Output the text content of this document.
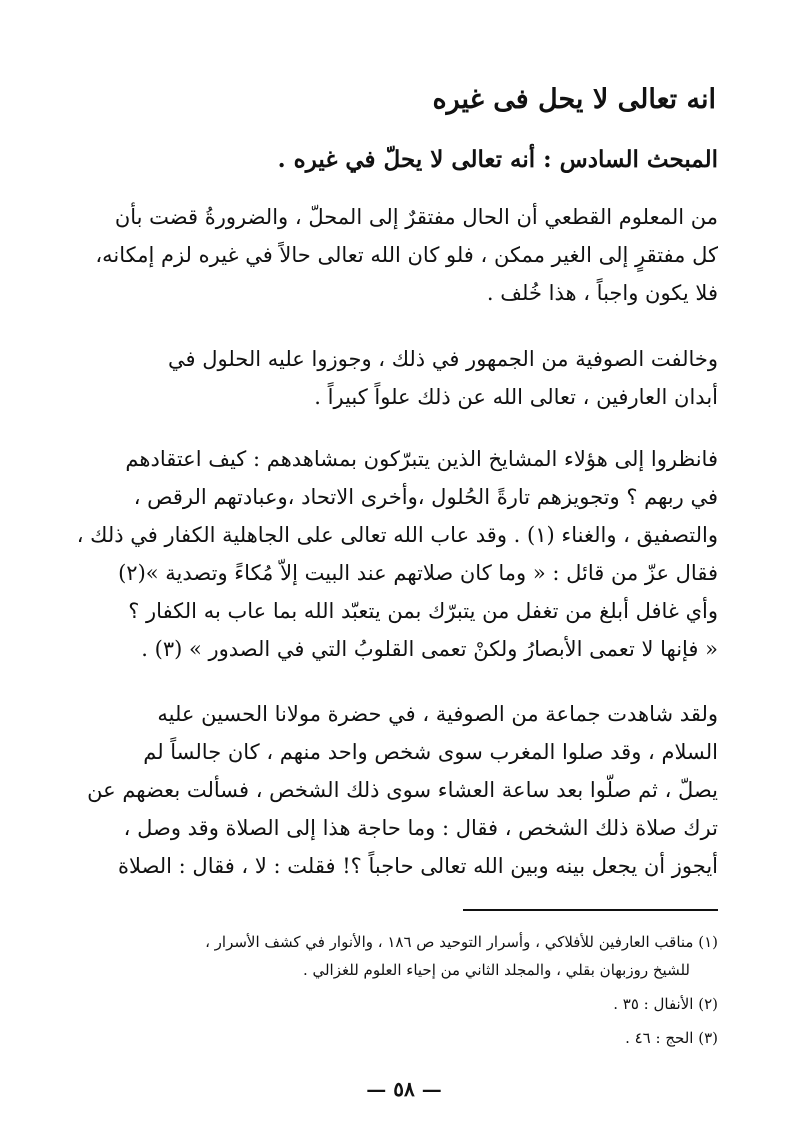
انه تعالى لا يحل فى غيره
المبحث السادس : أنه تعالى لا يحلّ في غيره .
من المعلوم القطعي أن الحال مفتقرٌ إلى المحلّ ، والضرورةُ قضت بأن
كل مفتقرٍ إلى الغير ممكن ، فلو كان الله تعالى حالاً في غيره لزم إمكانه،
فلا يكون واجباً ، هذا خُلف .
وخالفت الصوفية من الجمهور في ذلك ، وجوزوا عليه الحلول في
أبدان العارفين ، تعالى الله عن ذلك علواً كبيراً .
فانظروا إلى هؤلاء المشايخ الذين يتبرّكون بمشاهدهم : كيف اعتقادهم
في ربهم ؟ وتجويزهم تارةً الحُلول ،وأخرى الاتحاد ،وعبادتهم الرقص ،
والتصفيق ، والغناء (١) . وقد عاب الله تعالى على الجاهلية الكفار في ذلك ،
فقال عزّ من قائل : « وما كان صلاتهم عند البيت إلاّ مُكاءً وتصدية »(٢)
وأي غافل أبلغ من تغفل من يتبرّك بمن يتعبّد الله بما عاب به الكفار ؟
« فإنها لا تعمى الأبصارُ ولكنْ تعمى القلوبُ التي في الصدور » (٣) .
ولقد شاهدت جماعة من الصوفية ، في حضرة مولانا الحسين عليه
السلام ، وقد صلوا المغرب سوى شخص واحد منهم ، كان جالساً لم
يصلّ ، ثم صلّوا بعد ساعة العشاء سوى ذلك الشخص ، فسألت بعضهم عن
ترك صلاة ذلك الشخص ، فقال : وما حاجة هذا إلى الصلاة وقد وصل ،
أيجوز أن يجعل بينه وبين الله تعالى حاجباً ؟! فقلت : لا ، فقال : الصلاة
(١) مناقب العارفين للأفلاكي ، وأسرار التوحيد ص ١٨٦ ، والأنوار في كشف الأسرار ،
للشيخ روزبهان بقلي ، والمجلد الثاني من إحياء العلوم للغزالي .
(٢) الأنفال : ٣٥ .
(٣) الحج : ٤٦ .
— ٥٨ —
